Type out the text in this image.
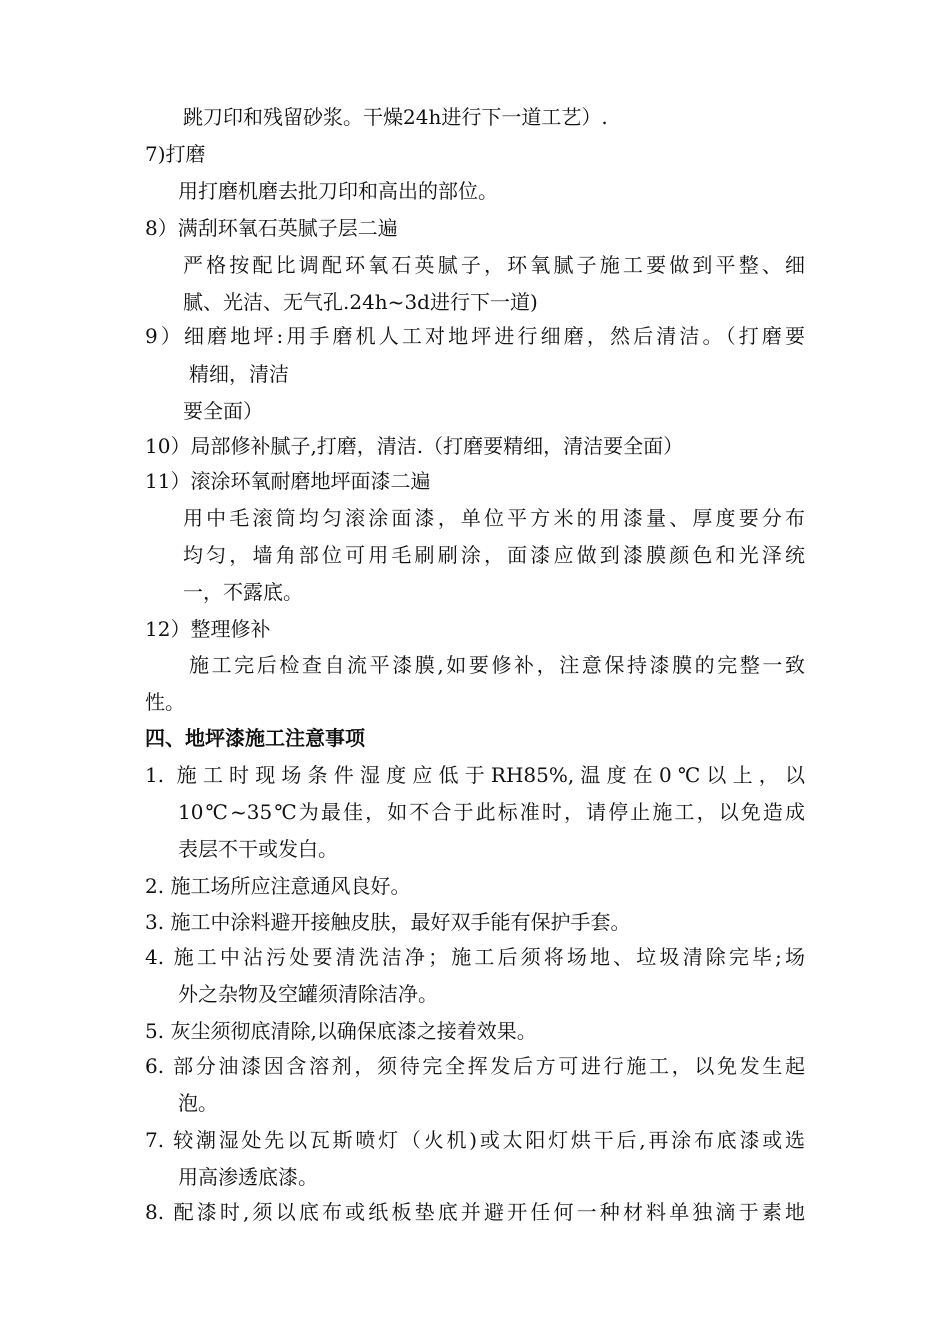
跳刀印和残留砂浆。干燥24h进行下一道工艺）.
7)打磨
用打磨机磨去批刀印和高出的部位。
8）满刮环氧石英腻子层二遍
严格按配比调配环氧石英腻子，环氧腻子施工要做到平整、细
腻、光洁、无气孔.24h~3d进行下一道)
9）细磨地坪:用手磨机人工对地坪进行细磨，然后清洁。（打磨要
精细，清洁
要全面）
10）局部修补腻子,打磨，清洁.（打磨要精细，清洁要全面）
11）滚涂环氧耐磨地坪面漆二遍
用中毛滚筒均匀滚涂面漆，单位平方米的用漆量、厚度要分布
均匀，墙角部位可用毛刷刷涂，面漆应做到漆膜颜色和光泽统
一，不露底。
12）整理修补
施工完后检查自流平漆膜,如要修补，注意保持漆膜的完整一致
性。
四、地坪漆施工注意事项
1. 施工时现场条件湿度应低于RH85%,温度在0℃以上，以
10℃~35℃为最佳，如不合于此标准时，请停止施工，以免造成
表层不干或发白。
2. 施工场所应注意通风良好。
3. 施工中涂料避开接触皮肤，最好双手能有保护手套。
4. 施工中沾污处要清洗洁净；施工后须将场地、垃圾清除完毕;场
外之杂物及空罐须清除洁净。
5. 灰尘须彻底清除,以确保底漆之接着效果。
6. 部分油漆因含溶剂，须待完全挥发后方可进行施工，以免发生起
泡。
7. 较潮湿处先以瓦斯喷灯（火机)或太阳灯烘干后,再涂布底漆或选
用高渗透底漆。
8. 配漆时,须以底布或纸板垫底并避开任何一种材料单独滴于素地
